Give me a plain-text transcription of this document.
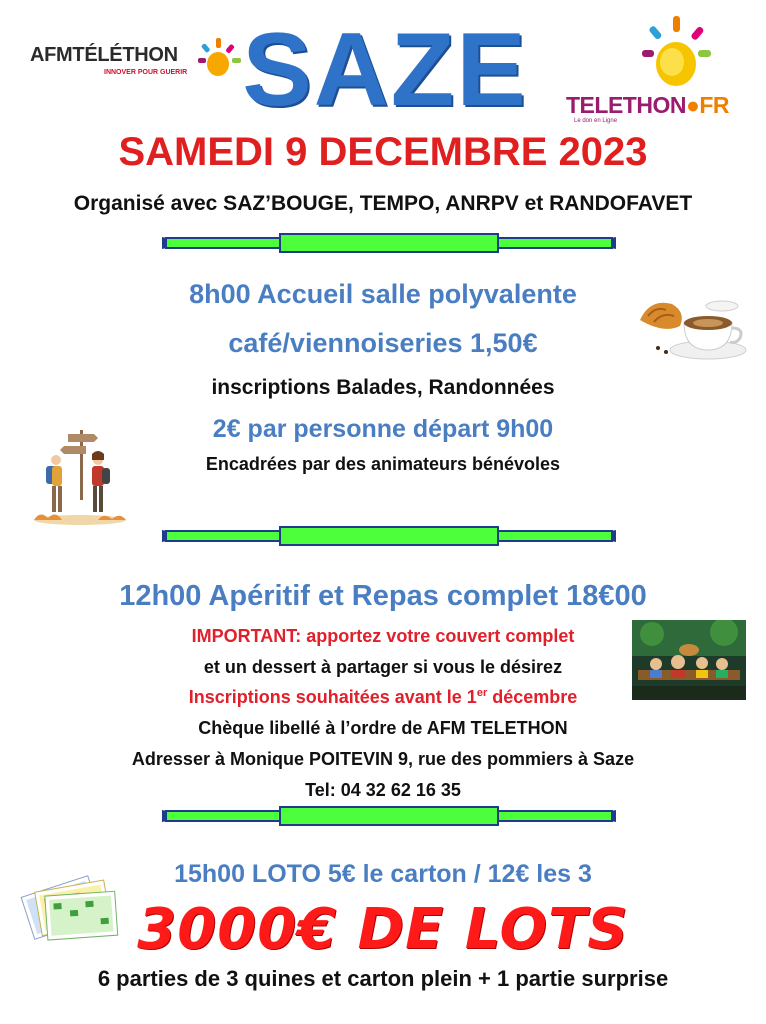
AFMTÉLÉTHON
INNOVER POUR GUERIR SAZE	TELETHON●FR
Le don en Ligne
SAMEDI 9 DECEMBRE 2023
Organisé avec SAZ’BOUGE, TEMPO, ANRPV et RANDOFAVET
8h00 Accueil salle polyvalente
café/viennoiseries 1,50€
inscriptions Balades, Randonnées
2€ par personne départ 9h00
Encadrées par des animateurs bénévoles
12h00 Apéritif et Repas complet 18€00
IMPORTANT: apportez votre couvert complet
et un dessert à partager si vous le désirez
Inscriptions souhaitées avant le 1er décembre
Chèque libellé à l’ordre de AFM TELETHON
Adresser à Monique POITEVIN 9, rue des pommiers à Saze
Tel: 04 32 62 16 35
15h00 LOTO 5€ le carton / 12€ les 3
3000€ DE LOTS
6 parties de 3 quines et carton plein + 1 partie surprise
